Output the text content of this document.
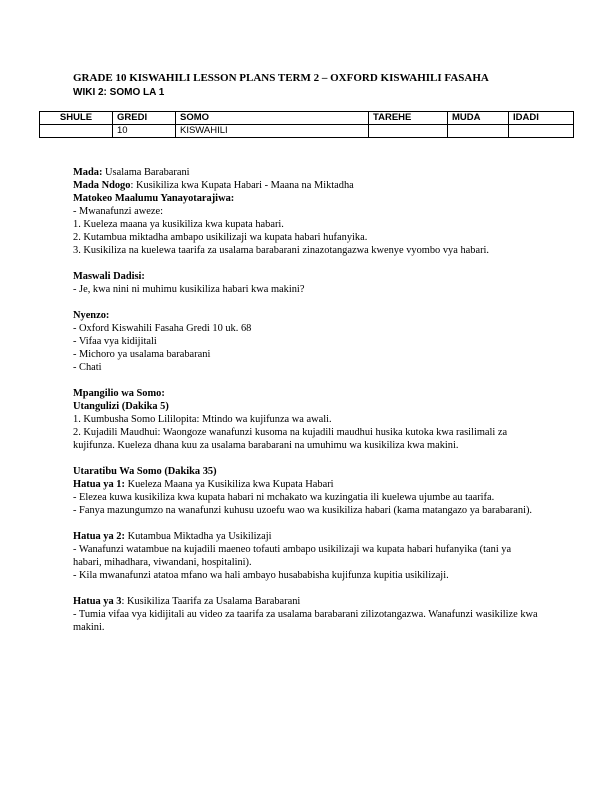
GRADE 10 KISWAHILI LESSON PLANS TERM 2 – OXFORD KISWAHILI FASAHA
WIKI 2: SOMO LA 1
SHULE	GREDI	SOMO	TAREHE	MUDA	IDADI
	10	KISWAHILI			

Mada: Usalama Barabarani

Mada Ndogo: Kusikiliza kwa Kupata Habari - Maana na Miktadha

Matokeo Maalumu Yanayotarajiwa:

- Mwanafunzi aweze:

1. Kueleza maana ya kusikiliza kwa kupata habari.

2. Kutambua miktadha ambapo usikilizaji wa kupata habari hufanyika.

3. Kusikiliza na kuelewa taarifa za usalama barabarani zinazotangazwa kwenye vyombo vya habari.

Maswali Dadisi:

- Je, kwa nini ni muhimu kusikiliza habari kwa makini?

Nyenzo:

- Oxford Kiswahili Fasaha Gredi 10 uk. 68

- Vifaa vya kidijitali

- Michoro ya usalama barabarani

- Chati

Mpangilio wa Somo:

Utangulizi (Dakika 5)

1. Kumbusha Somo Lililopita: Mtindo wa kujifunza wa awali.

2. Kujadili Maudhui: Waongoze wanafunzi kusoma na kujadili maudhui husika kutoka kwa rasilimali za kujifunza. Kueleza dhana kuu za usalama barabarani na umuhimu wa kusikiliza kwa makini.

Utaratibu Wa Somo (Dakika 35)

Hatua ya 1: Kueleza Maana ya Kusikiliza kwa Kupata Habari

- Elezea kuwa kusikiliza kwa kupata habari ni mchakato wa kuzingatia ili kuelewa ujumbe au taarifa.

- Fanya mazungumzo na wanafunzi kuhusu uzoefu wao wa kusikiliza habari (kama matangazo ya barabarani).

Hatua ya 2: Kutambua Miktadha ya Usikilizaji

- Wanafunzi watambue na kujadili maeneo tofauti ambapo usikilizaji wa kupata habari hufanyika (tani ya habari, mihadhara, viwandani, hospitalini).

- Kila mwanafunzi atatoa mfano wa hali ambayo husababisha kujifunza kupitia usikilizaji.

Hatua ya 3: Kusikiliza Taarifa za Usalama Barabarani

- Tumia vifaa vya kidijitali au video za taarifa za usalama barabarani zilizotangazwa. Wanafunzi wasikilize kwa makini.
